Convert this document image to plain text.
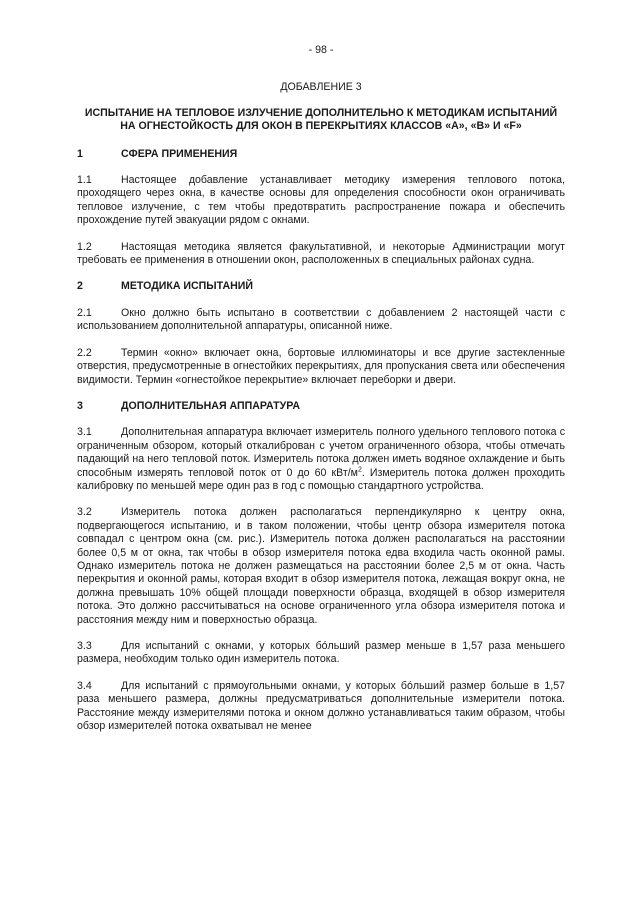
- 98 -

ДОБАВЛЕНИЕ 3

ИСПЫТАНИЕ НА ТЕПЛОВОЕ ИЗЛУЧЕНИЕ ДОПОЛНИТЕЛЬНО К МЕТОДИКАМ ИСПЫТАНИЙ НА ОГНЕСТОЙКОСТЬ ДЛЯ ОКОН В ПЕРЕКРЫТИЯХ КЛАССОВ «А», «В» И «F»

1	СФЕРА ПРИМЕНЕНИЯ

1.1	Настоящее добавление устанавливает методику измерения теплового потока, проходящего через окна, в качестве основы для определения способности окон ограничивать тепловое излучение, с тем чтобы предотвратить распространение пожара и обеспечить прохождение путей эвакуации рядом с окнами.

1.2	Настоящая методика является факультативной, и некоторые Администрации могут требовать ее применения в отношении окон, расположенных в специальных районах судна.

2	МЕТОДИКА ИСПЫТАНИЙ

2.1	Окно должно быть испытано в соответствии с добавлением 2 настоящей части с использованием дополнительной аппаратуры, описанной ниже.

2.2	Термин «окно» включает окна, бортовые иллюминаторы и все другие застекленные отверстия, предусмотренные в огнестойких перекрытиях, для пропускания света или обеспечения видимости. Термин «огнестойкое перекрытие» включает переборки и двери.

3	ДОПОЛНИТЕЛЬНАЯ АППАРАТУРА

3.1	Дополнительная аппаратура включает измеритель полного удельного теплового потока с ограниченным обзором, который откалиброван с учетом ограниченного обзора, чтобы отмечать падающий на него тепловой поток. Измеритель потока должен иметь водяное охлаждение и быть способным измерять тепловой поток от 0 до 60 кВт/$м^2$. Измеритель потока должен проходить калибровку по меньшей мере один раз в год с помощью стандартного устройства.

3.2	Измеритель потока должен располагаться перпендикулярно к центру окна, подвергающегося испытанию, и в таком положении, чтобы центр обзора измерителя потока совпадал с центром окна (см. рис.). Измеритель потока должен располагаться на расстоянии более 0,5 м от окна, так чтобы в обзор измерителя потока едва входила часть оконной рамы. Однако измеритель потока не должен размещаться на расстоянии более 2,5 м от окна. Часть перекрытия и оконной рамы, которая входит в обзор измерителя потока, лежащая вокруг окна, не должна превышать 10% общей площади поверхности образца, входящей в обзор измерителя потока. Это должно рассчитываться на основе ограниченного угла обзора измерителя потока и расстояния между ним и поверхностью образца.

3.3	Для испытаний с окнами, у которых бóльший размер меньше в 1,57 раза меньшего размера, необходим только один измеритель потока.

3.4	Для испытаний с прямоугольными окнами, у которых бóльший размер больше в 1,57 раза меньшего размера, должны предусматриваться дополнительные измерители потока. Расстояние между измерителями потока и окном должно устанавливаться таким образом, чтобы обзор измерителей потока охватывал не менее
